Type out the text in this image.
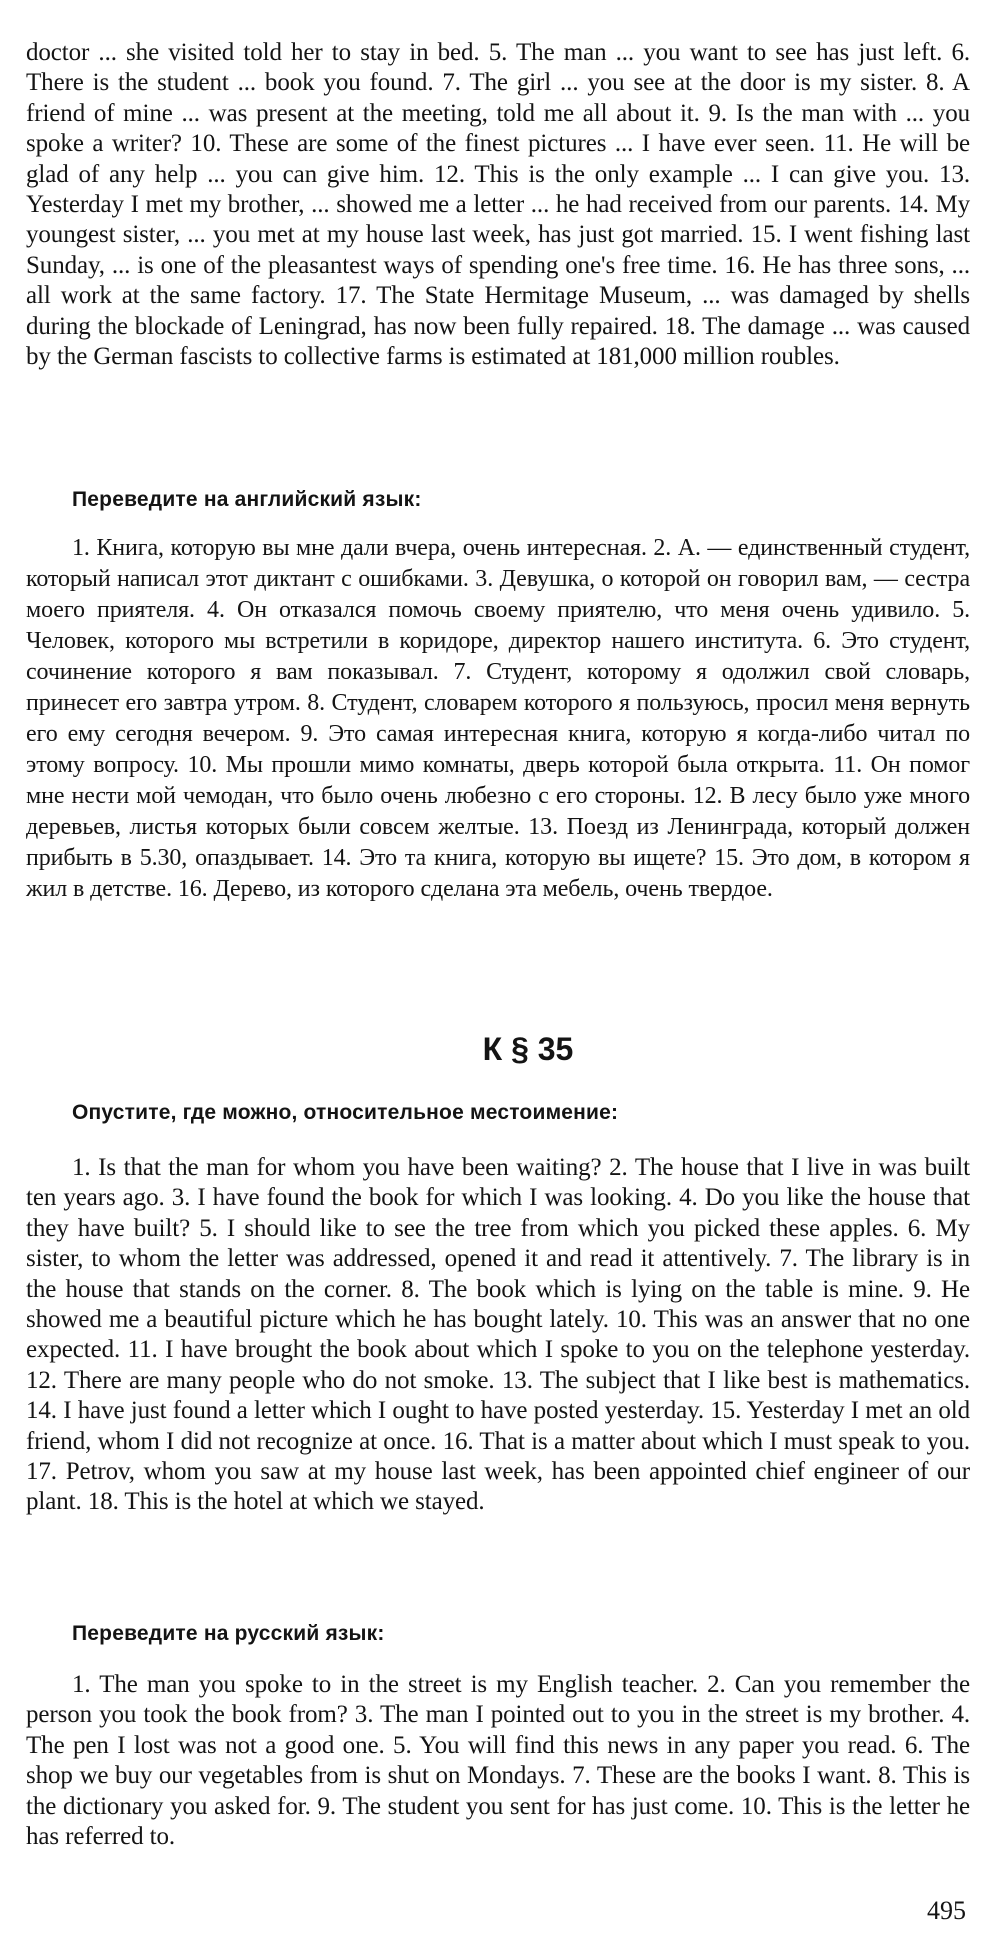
doctor ... she visited told her to stay in bed. 5. The man ... you want to see has just left. 6. There is the student ... book you found. 7. The girl ... you see at the door is my sister. 8. A friend of mine ... was present at the meeting, told me all about it. 9. Is the man with ... you spoke a writer? 10. These are some of the finest pictures ... I have ever seen. 11. He will be glad of any help ... you can give him. 12. This is the only example ... I can give you. 13. Yesterday I met my brother, ... showed me a letter ... he had received from our parents. 14. My youngest sister, ... you met at my house last week, has just got married. 15. I went fishing last Sunday, ... is one of the pleasantest ways of spending one's free time. 16. He has three sons, ... all work at the same factory. 17. The State Hermitage Museum, ... was damaged by shells during the blockade of Leningrad, has now been fully repaired. 18. The damage ... was caused by the German fascists to collective farms is estimated at 181,000 million roubles.

Переведите на английский язык:

1. Книга, которую вы мне дали вчера, очень интересная. 2. А. — единственный студент, который написал этот диктант с ошибками. 3. Девушка, о которой он говорил вам, — сестра моего приятеля. 4. Он отказался помочь своему приятелю, что меня очень удивило. 5. Человек, которого мы встретили в коридоре, директор нашего института. 6. Это студент, сочинение которого я вам показывал. 7. Студент, которому я одолжил свой словарь, принесет его завтра утром. 8. Студент, словарем которого я пользуюсь, просил меня вернуть его ему сегодня вечером. 9. Это самая интересная книга, которую я когда-либо читал по этому вопросу. 10. Мы прошли мимо комнаты, дверь которой была открыта. 11. Он помог мне нести мой чемодан, что было очень любезно с его стороны. 12. В лесу было уже много деревьев, листья которых были совсем желтые. 13. Поезд из Ленинграда, который должен прибыть в 5.30, опаздывает. 14. Это та книга, которую вы ищете? 15. Это дом, в котором я жил в детстве. 16. Дерево, из которого сделана эта мебель, очень твердое.

К § 35
Опустите, где можно, относительное местоимение:

1. Is that the man for whom you have been waiting? 2. The house that I live in was built ten years ago. 3. I have found the book for which I was looking. 4. Do you like the house that they have built? 5. I should like to see the tree from which you picked these apples. 6. My sister, to whom the letter was addressed, opened it and read it attentively. 7. The library is in the house that stands on the corner. 8. The book which is lying on the table is mine. 9. He showed me a beautiful picture which he has bought lately. 10. This was an answer that no one expected. 11. I have brought the book about which I spoke to you on the telephone yesterday. 12. There are many people who do not smoke. 13. The subject that I like best is mathematics. 14. I have just found a letter which I ought to have posted yesterday. 15. Yesterday I met an old friend, whom I did not recognize at once. 16. That is a matter about which I must speak to you. 17. Petrov, whom you saw at my house last week, has been appointed chief engineer of our plant. 18. This is the hotel at which we stayed.

Переведите на русский язык:

1. The man you spoke to in the street is my English teacher. 2. Can you remember the person you took the book from? 3. The man I pointed out to you in the street is my brother. 4. The pen I lost was not a good one. 5. You will find this news in any paper you read. 6. The shop we buy our vegetables from is shut on Mondays. 7. These are the books I want. 8. This is the dictionary you asked for. 9. The student you sent for has just come. 10. This is the letter he has referred to.

495
